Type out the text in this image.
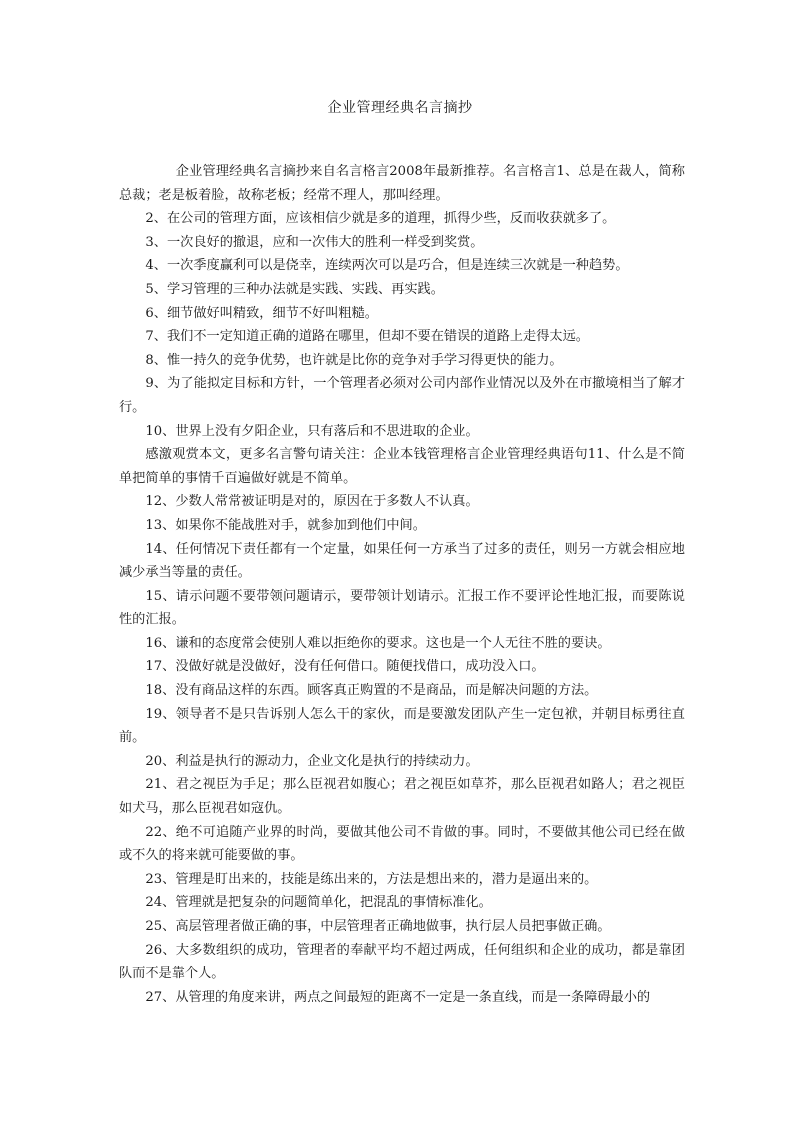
企业管理经典名言摘抄

企业管理经典名言摘抄来自名言格言2008年最新推荐。名言格言1、总是在裁人，简称总裁；老是板着脸，故称老板；经常不理人，那叫经理。

2、在公司的管理方面，应该相信少就是多的道理，抓得少些，反而收获就多了。

3、一次良好的撤退，应和一次伟大的胜利一样受到奖赏。

4、一次季度赢利可以是侥幸，连续两次可以是巧合，但是连续三次就是一种趋势。

5、学习管理的三种办法就是实践、实践、再实践。

6、细节做好叫精致，细节不好叫粗糙。

7、我们不一定知道正确的道路在哪里，但却不要在错误的道路上走得太远。

8、惟一持久的竞争优势，也许就是比你的竞争对手学习得更快的能力。

9、为了能拟定目标和方针，一个管理者必须对公司内部作业情况以及外在市撤境相当了解才行。

10、世界上没有夕阳企业，只有落后和不思进取的企业。

感激观赏本文，更多名言警句请关注：企业本钱管理格言企业管理经典语句11、什么是不简单把简单的事情千百遍做好就是不简单。

12、少数人常常被证明是对的，原因在于多数人不认真。

13、如果你不能战胜对手，就参加到他们中间。

14、任何情况下责任都有一个定量，如果任何一方承当了过多的责任，则另一方就会相应地减少承当等量的责任。

15、请示问题不要带领问题请示，要带领计划请示。汇报工作不要评论性地汇报，而要陈说性的汇报。

16、谦和的态度常会使别人难以拒绝你的要求。这也是一个人无往不胜的要诀。

17、没做好就是没做好，没有任何借口。随便找借口，成功没入口。

18、没有商品这样的东西。顾客真正购置的不是商品，而是解决问题的方法。

19、领导者不是只告诉别人怎么干的家伙，而是要激发团队产生一定包袱，并朝目标勇往直前。

20、利益是执行的源动力，企业文化是执行的持续动力。

21、君之视臣为手足；那么臣视君如腹心；君之视臣如草芥，那么臣视君如路人；君之视臣如犬马，那么臣视君如寇仇。

22、绝不可追随产业界的时尚，要做其他公司不肯做的事。同时，不要做其他公司已经在做或不久的将来就可能要做的事。

23、管理是盯出来的，技能是练出来的，方法是想出来的，潜力是逼出来的。

24、管理就是把复杂的问题简单化，把混乱的事情标准化。

25、高层管理者做正确的事，中层管理者正确地做事，执行层人员把事做正确。

26、大多数组织的成功，管理者的奉献平均不超过两成，任何组织和企业的成功，都是靠团队而不是靠个人。

27、从管理的角度来讲，两点之间最短的距离不一定是一条直线，而是一条障碍最小的
